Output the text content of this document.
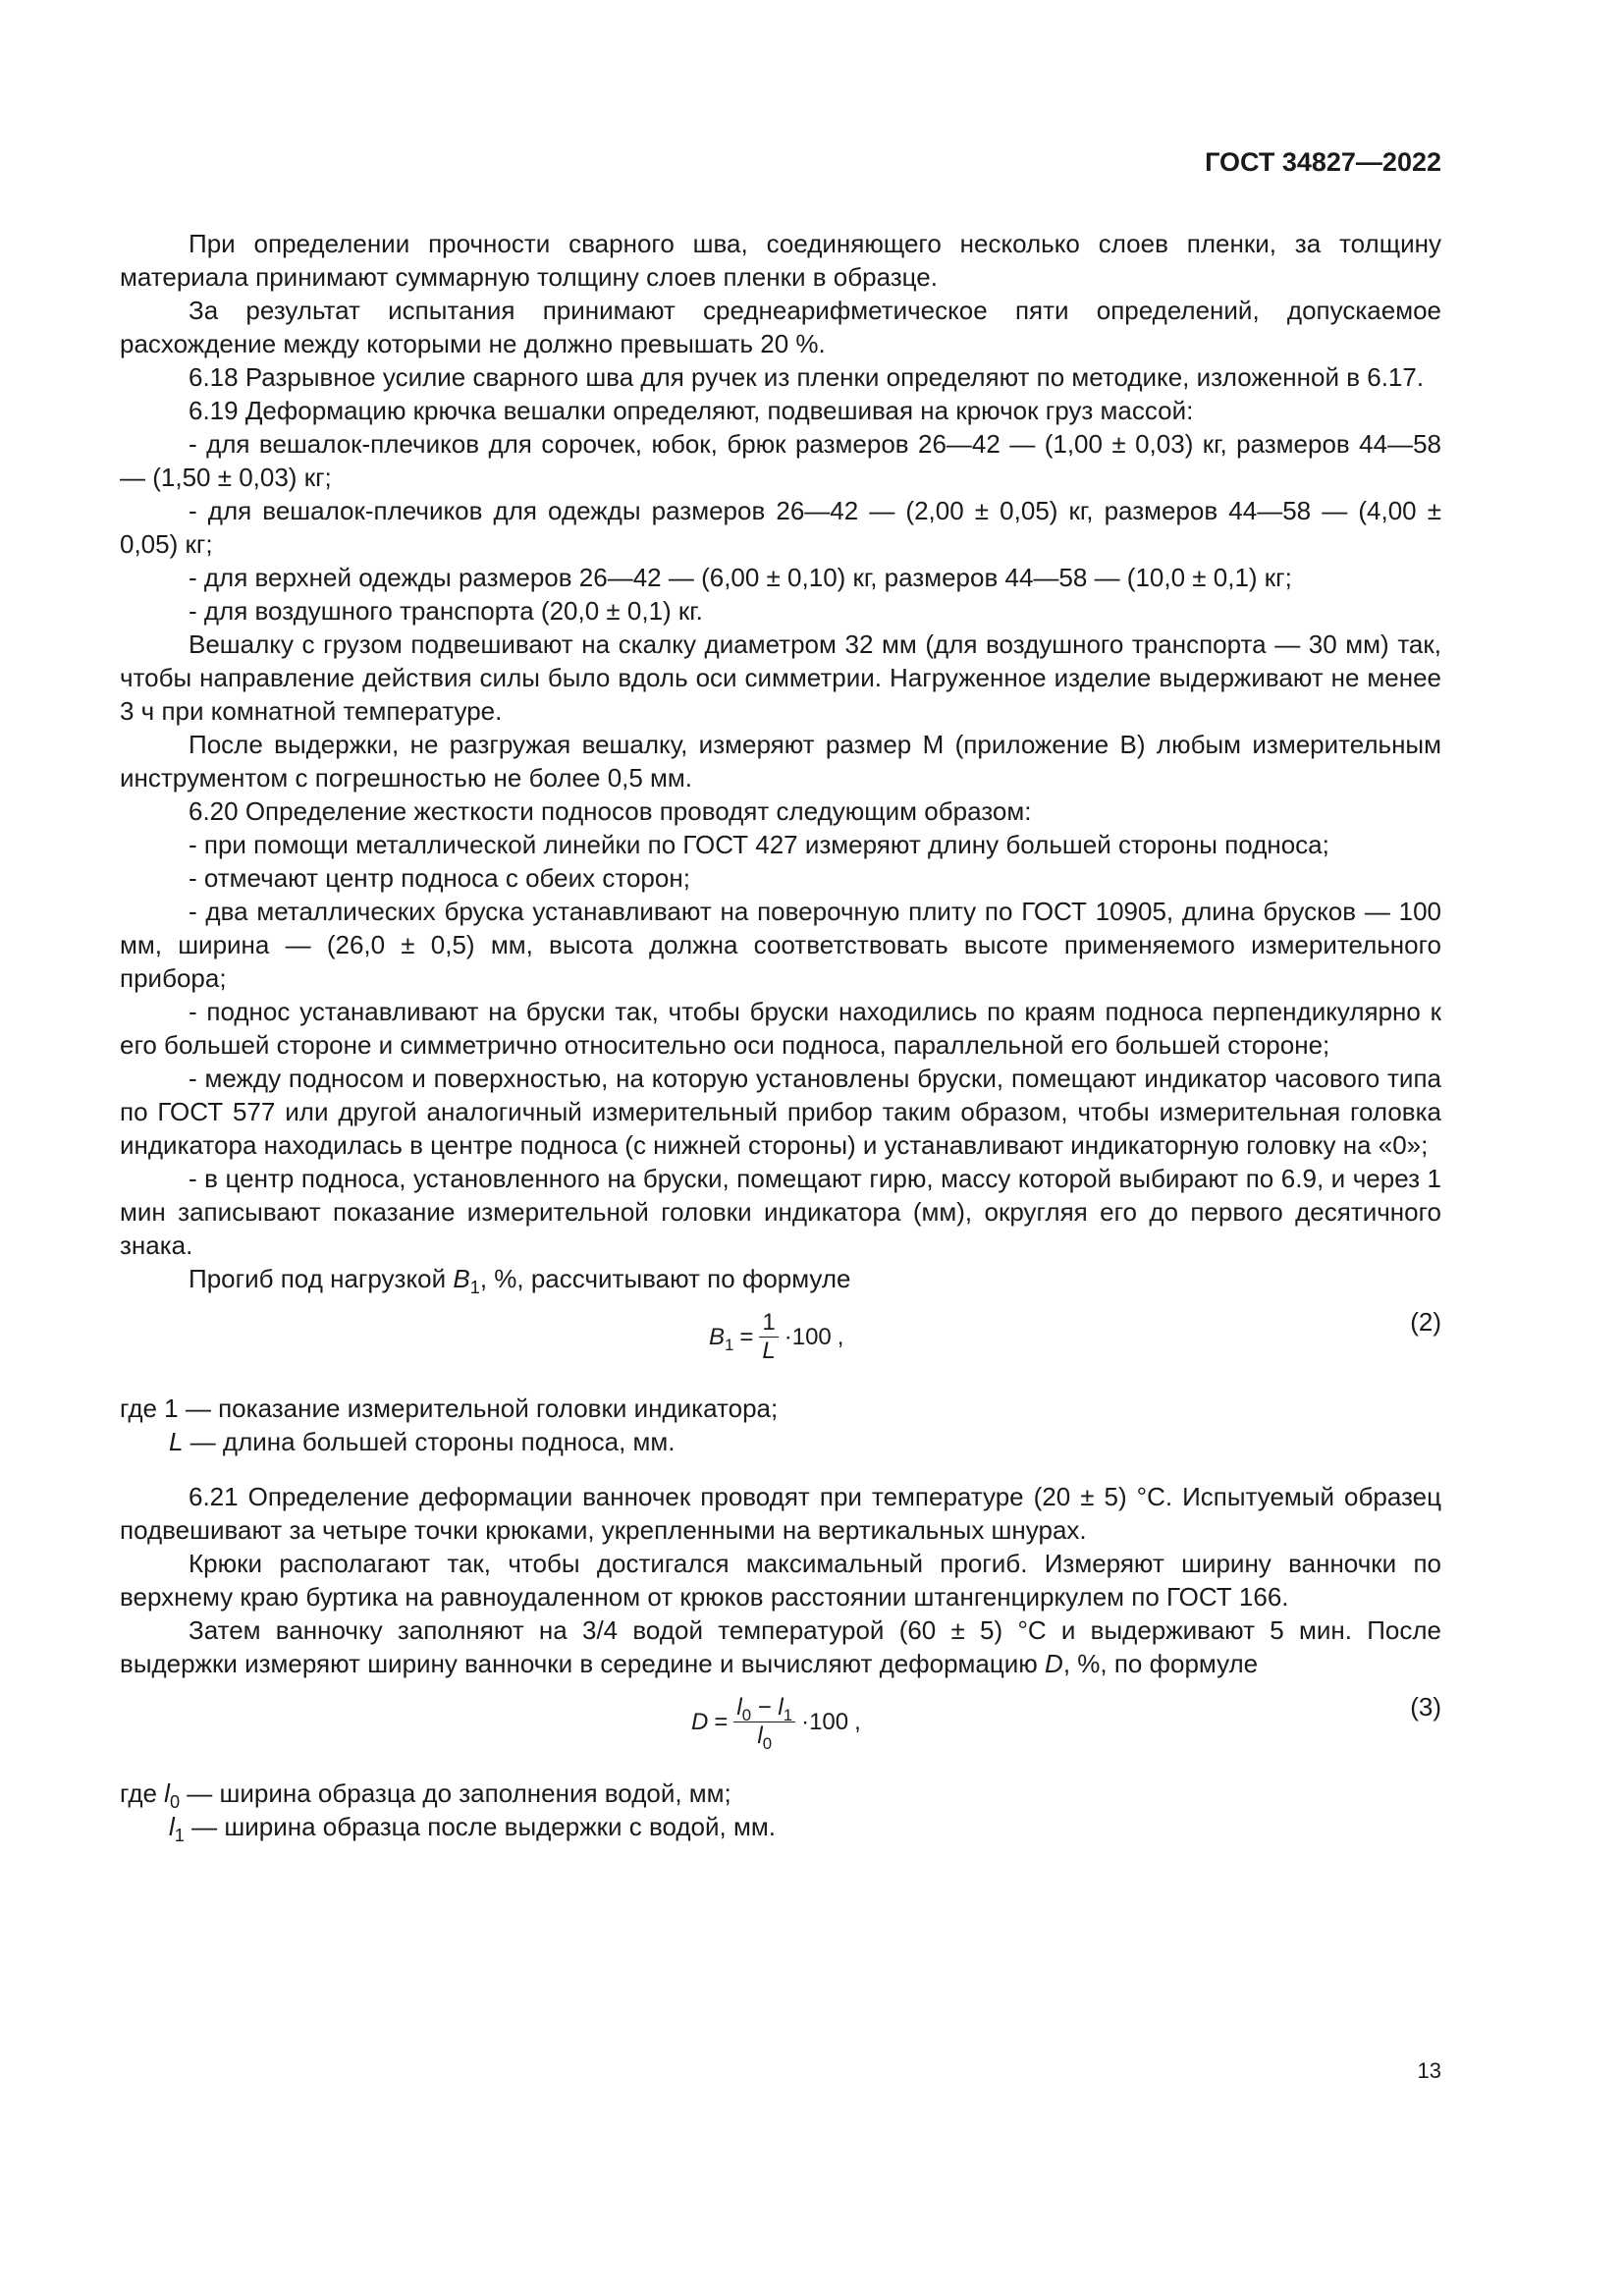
ГОСТ 34827—2022

При определении прочности сварного шва, соединяющего несколько слоев пленки, за толщину материала принимают суммарную толщину слоев пленки в образце.

За результат испытания принимают среднеарифметическое пяти определений, допускаемое расхождение между которыми не должно превышать 20 %.

6.18 Разрывное усилие сварного шва для ручек из пленки определяют по методике, изложенной в 6.17.

6.19 Деформацию крючка вешалки определяют, подвешивая на крючок груз массой:

- для вешалок-плечиков для сорочек, юбок, брюк размеров 26—42 — (1,00 ± 0,03) кг, размеров 44—58 — (1,50 ± 0,03) кг;

- для вешалок-плечиков для одежды размеров 26—42 — (2,00 ± 0,05) кг, размеров 44—58 — (4,00 ± 0,05) кг;

- для верхней одежды размеров 26—42 — (6,00 ± 0,10) кг, размеров 44—58 — (10,0 ± 0,1) кг;

- для воздушного транспорта (20,0 ± 0,1) кг.

Вешалку с грузом подвешивают на скалку диаметром 32 мм (для воздушного транспорта — 30 мм) так, чтобы направление действия силы было вдоль оси симметрии. Нагруженное изделие выдерживают не менее 3 ч при комнатной температуре.

После выдержки, не разгружая вешалку, измеряют размер М (приложение В) любым измерительным инструментом с погрешностью не более 0,5 мм.

6.20 Определение жесткости подносов проводят следующим образом:

- при помощи металлической линейки по ГОСТ 427 измеряют длину большей стороны подноса;

- отмечают центр подноса с обеих сторон;

- два металлических бруска устанавливают на поверочную плиту по ГОСТ 10905, длина брусков — 100 мм, ширина — (26,0 ± 0,5) мм, высота должна соответствовать высоте применяемого измерительного прибора;

- поднос устанавливают на бруски так, чтобы бруски находились по краям подноса перпендикулярно к его большей стороне и симметрично относительно оси подноса, параллельной его большей стороне;

- между подносом и поверхностью, на которую установлены бруски, помещают индикатор часового типа по ГОСТ 577 или другой аналогичный измерительный прибор таким образом, чтобы измерительная головка индикатора находилась в центре подноса (с нижней стороны) и устанавливают индикаторную головку на «0»;

- в центр подноса, установленного на бруски, помещают гирю, массу которой выбирают по 6.9, и через 1 мин записывают показание измерительной головки индикатора (мм), округляя его до первого десятичного знака.

Прогиб под нагрузкой $B_1$, %, рассчитывают по формуле

$B_1 = \frac{1}{L} \cdot 100$ ,	(2)

где 1 — показание измерительной головки индикатора;

L — длина большей стороны подноса, мм.

6.21 Определение деформации ванночек проводят при температуре (20 ± 5) °С. Испытуемый образец подвешивают за четыре точки крюками, укрепленными на вертикальных шнурах.

Крюки располагают так, чтобы достигался максимальный прогиб. Измеряют ширину ванночки по верхнему краю буртика на равноудаленном от крюков расстоянии штангенциркулем по ГОСТ 166.

Затем ванночку заполняют на 3/4 водой температурой (60 ± 5) °С и выдерживают 5 мин. После выдержки измеряют ширину ванночки в середине и вычисляют деформацию D, %, по формуле

$D = \frac{l_0 - l_1}{l_0} \cdot 100$ ,	(3)

где $l_0$ — ширина образца до заполнения водой, мм;

$l_1$ — ширина образца после выдержки с водой, мм.

13
